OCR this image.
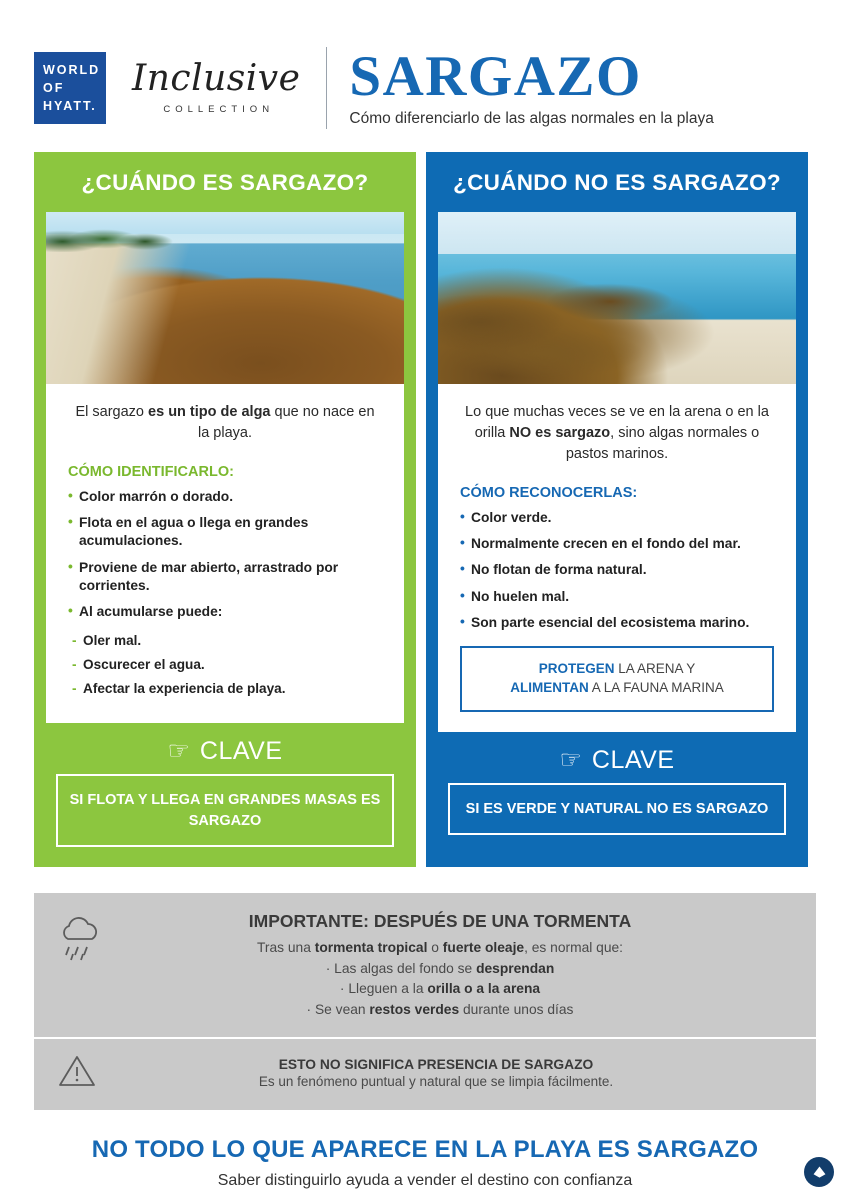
WORLD
OF
HYATT.
Inclusive
COLLECTION
SARGAZO
Cómo diferenciarlo de las algas normales en la playa
¿CUÁNDO ES SARGAZO?
El sargazo es un tipo de alga que no nace en la playa.
CÓMO IDENTIFICARLO:
• Color marrón o dorado.
• Flota en el agua o llega en grandes acumulaciones.
• Proviene de mar abierto, arrastrado por corrientes.
• Al acumularse puede:
- Oler mal.
- Oscurecer el agua.
- Afectar la experiencia de playa.
☞ CLAVE
SI FLOTA Y LLEGA EN GRANDES MASAS ES SARGAZO
¿CUÁNDO NO ES SARGAZO?
Lo que muchas veces se ve en la arena o en la orilla NO es sargazo, sino algas normales o pastos marinos.
CÓMO RECONOCERLAS:
• Color verde.
• Normalmente crecen en el fondo del mar.
• No flotan de forma natural.
• No huelen mal.
• Son parte esencial del ecosistema marino.
PROTEGEN LA ARENA Y
ALIMENTAN A LA FAUNA MARINA
☞ CLAVE
SI ES VERDE Y NATURAL NO ES SARGAZO
IMPORTANTE: DESPUÉS DE UNA TORMENTA
Tras una tormenta tropical o fuerte oleaje, es normal que:
· Las algas del fondo se desprendan
· Lleguen a la orilla o a la arena
· Se vean restos verdes durante unos días
ESTO NO SIGNIFICA PRESENCIA DE SARGAZO
Es un fenómeno puntual y natural que se limpia fácilmente.
NO TODO LO QUE APARECE EN LA PLAYA ES SARGAZO
Saber distinguirlo ayuda a vender el destino con confianza
